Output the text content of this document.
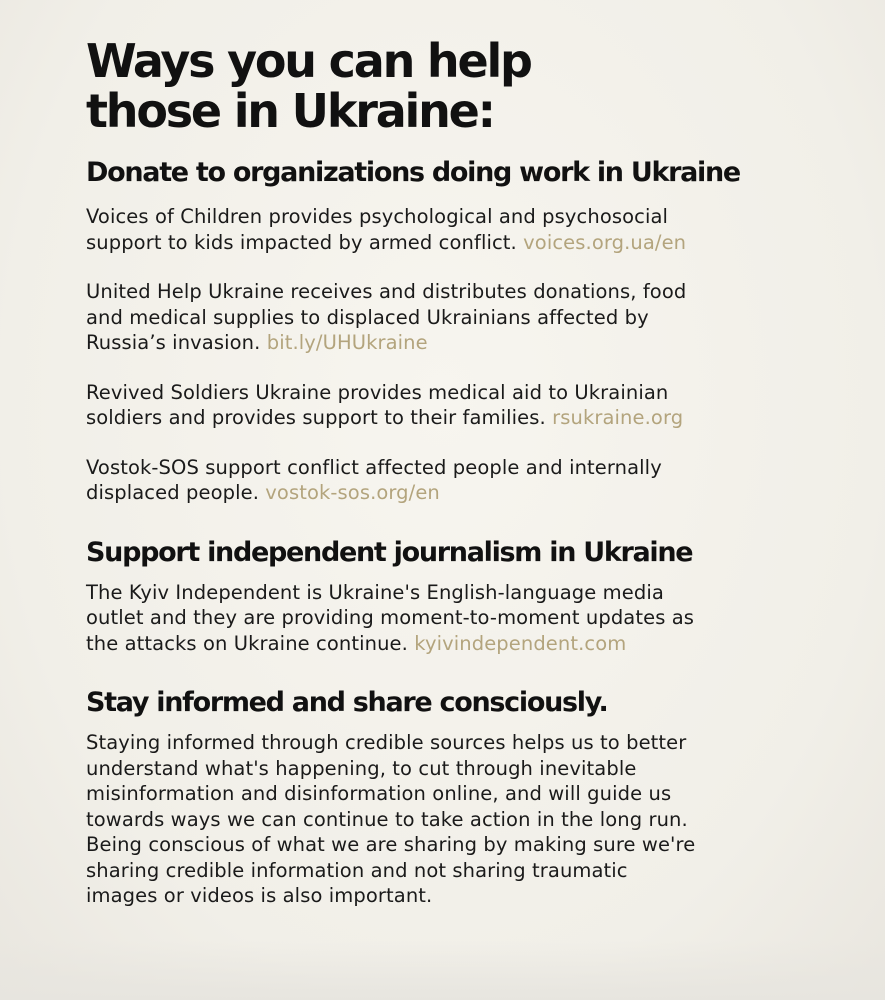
Ways you can help
those in Ukraine:
Donate to organizations doing work in Ukraine

Voices of Children provides psychological and psychosocial
support to kids impacted by armed conflict. voices.org.ua/en

United Help Ukraine receives and distributes donations, food
and medical supplies to displaced Ukrainians affected by
Russia’s invasion. bit.ly/UHUkraine

Revived Soldiers Ukraine provides medical aid to Ukrainian
soldiers and provides support to their families. rsukraine.org

Vostok-SOS support conflict affected people and internally
displaced people. vostok-sos.org/en

Support independent journalism in Ukraine

The Kyiv Independent is Ukraine's English-language media
outlet and they are providing moment-to-moment updates as
the attacks on Ukraine continue. kyivindependent.com

Stay informed and share consciously.

Staying informed through credible sources helps us to better
understand what's happening, to cut through inevitable
misinformation and disinformation online, and will guide us
towards ways we can continue to take action in the long run.
Being conscious of what we are sharing by making sure we're
sharing credible information and not sharing traumatic
images or videos is also important.
